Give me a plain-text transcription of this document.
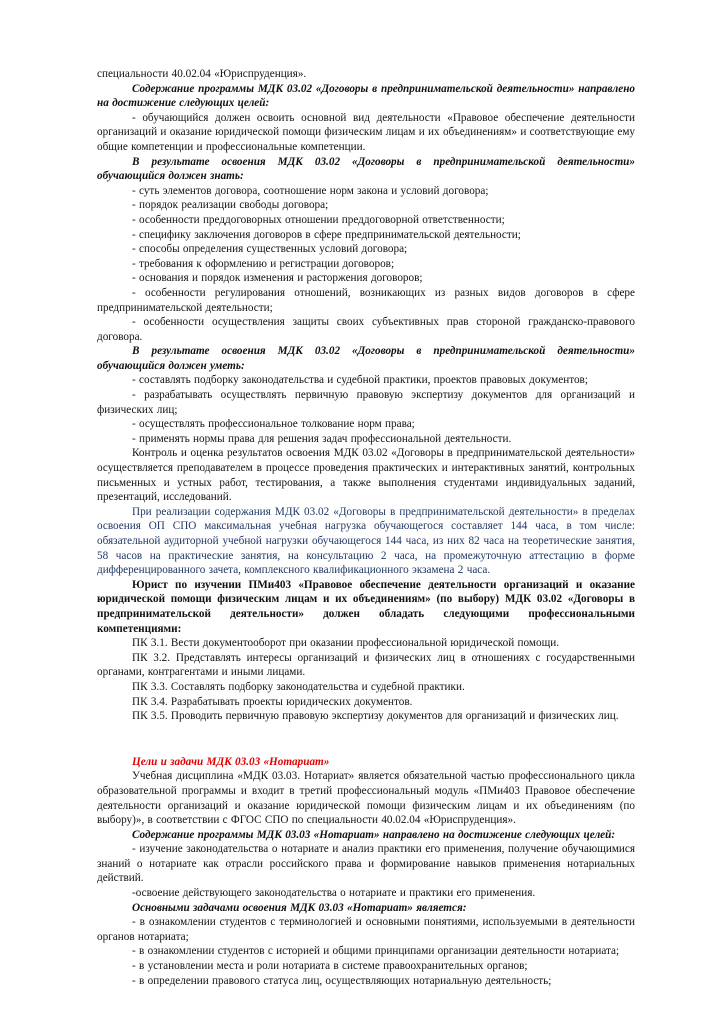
специальности 40.02.04 «Юриспруденция».

Содержание программы МДК 03.02 «Договоры в предпринимательской деятельности» направлено на достижение следующих целей:

- обучающийся должен освоить основной вид деятельности «Правовое обеспечение деятельности организаций и оказание юридической помощи физическим лицам и их объединениям» и соответствующие ему общие компетенции и профессиональные компетенции.

В результате освоения МДК 03.02 «Договоры в предпринимательской деятельности» обучающийся должен знать:

- суть элементов договора, соотношение норм закона и условий договора;

- порядок реализации свободы договора;

- особенности преддоговорных отношении преддоговорной ответственности;

- специфику заключения договоров в сфере предпринимательской деятельности;

- способы определения существенных условий договора;

- требования к оформлению и регистрации договоров;

- основания и порядок изменения и расторжения договоров;

- особенности регулирования отношений, возникающих из разных видов договоров в сфере предпринимательской деятельности;

- особенности осуществления защиты своих субъективных прав стороной гражданско-правового договора.

В результате освоения МДК 03.02 «Договоры в предпринимательской деятельности» обучающийся должен уметь:

- составлять подборку законодательства и судебной практики, проектов правовых документов;

- разрабатывать осуществлять первичную правовую экспертизу документов для организаций и физических лиц;

- осуществлять профессиональное толкование норм права;

- применять нормы права для решения задач профессиональной деятельности.

Контроль и оценка результатов освоения МДК 03.02 «Договоры в предпринимательской деятельности» осуществляется преподавателем в процессе проведения практических и интерактивных занятий, контрольных письменных и устных работ, тестирования, а также выполнения студентами индивидуальных заданий, презентаций, исследований.

При реализации содержания МДК 03.02 «Договоры в предпринимательской деятельности» в пределах освоения ОП СПО максимальная учебная нагрузка обучающегося составляет 144 часа, в том числе: обязательной аудиторной учебной нагрузки обучающегося 144 часа, из них 82 часа на теоретические занятия, 58 часов на практические занятия, на консультацию 2 часа, на промежуточную аттестацию в форме дифференцированного зачета, комплексного квалификационного экзамена 2 часа.

Юрист по изучении ПМи403 «Правовое обеспечение деятельности организаций и оказание юридической помощи физическим лицам и их объединениям» (по выбору) МДК 03.02 «Договоры в предпринимательской деятельности» должен обладать следующими профессиональными компетенциями:

ПК 3.1. Вести документооборот при оказании профессиональной юридической помощи.

ПК 3.2. Представлять интересы организаций и физических лиц в отношениях с государственными органами, контрагентами и иными лицами.

ПК 3.3. Составлять подборку законодательства и судебной практики.

ПК 3.4. Разрабатывать проекты юридических документов.

ПК 3.5. Проводить первичную правовую экспертизу документов для организаций и физических лиц.

Цели и задачи МДК 03.03 «Нотариат»

Учебная дисциплина «МДК 03.03. Нотариат» является обязательной частью профессионального цикла образовательной программы и входит в третий профессиональный модуль «ПМи403 Правовое обеспечение деятельности организаций и оказание юридической помощи физическим лицам и их объединениям (по выбору)», в соответствии с ФГОС СПО по специальности 40.02.04 «Юриспруденция».

Содержание программы МДК 03.03 «Нотариат» направлено на достижение следующих целей:

- изучение законодательства о нотариате и анализ практики его применения, получение обучающимися знаний о нотариате как отрасли российского права и формирование навыков применения нотариальных действий.

-освоение действующего законодательства о нотариате и практики его применения.

Основными задачами освоения МДК 03.03 «Нотариат» является:

- в ознакомлении студентов с терминологией и основными понятиями, используемыми в деятельности органов нотариата;

- в ознакомлении студентов с историей и общими принципами организации деятельности нотариата;

- в установлении места и роли нотариата в системе правоохранительных органов;

- в определении правового статуса лиц, осуществляющих нотариальную деятельность;
